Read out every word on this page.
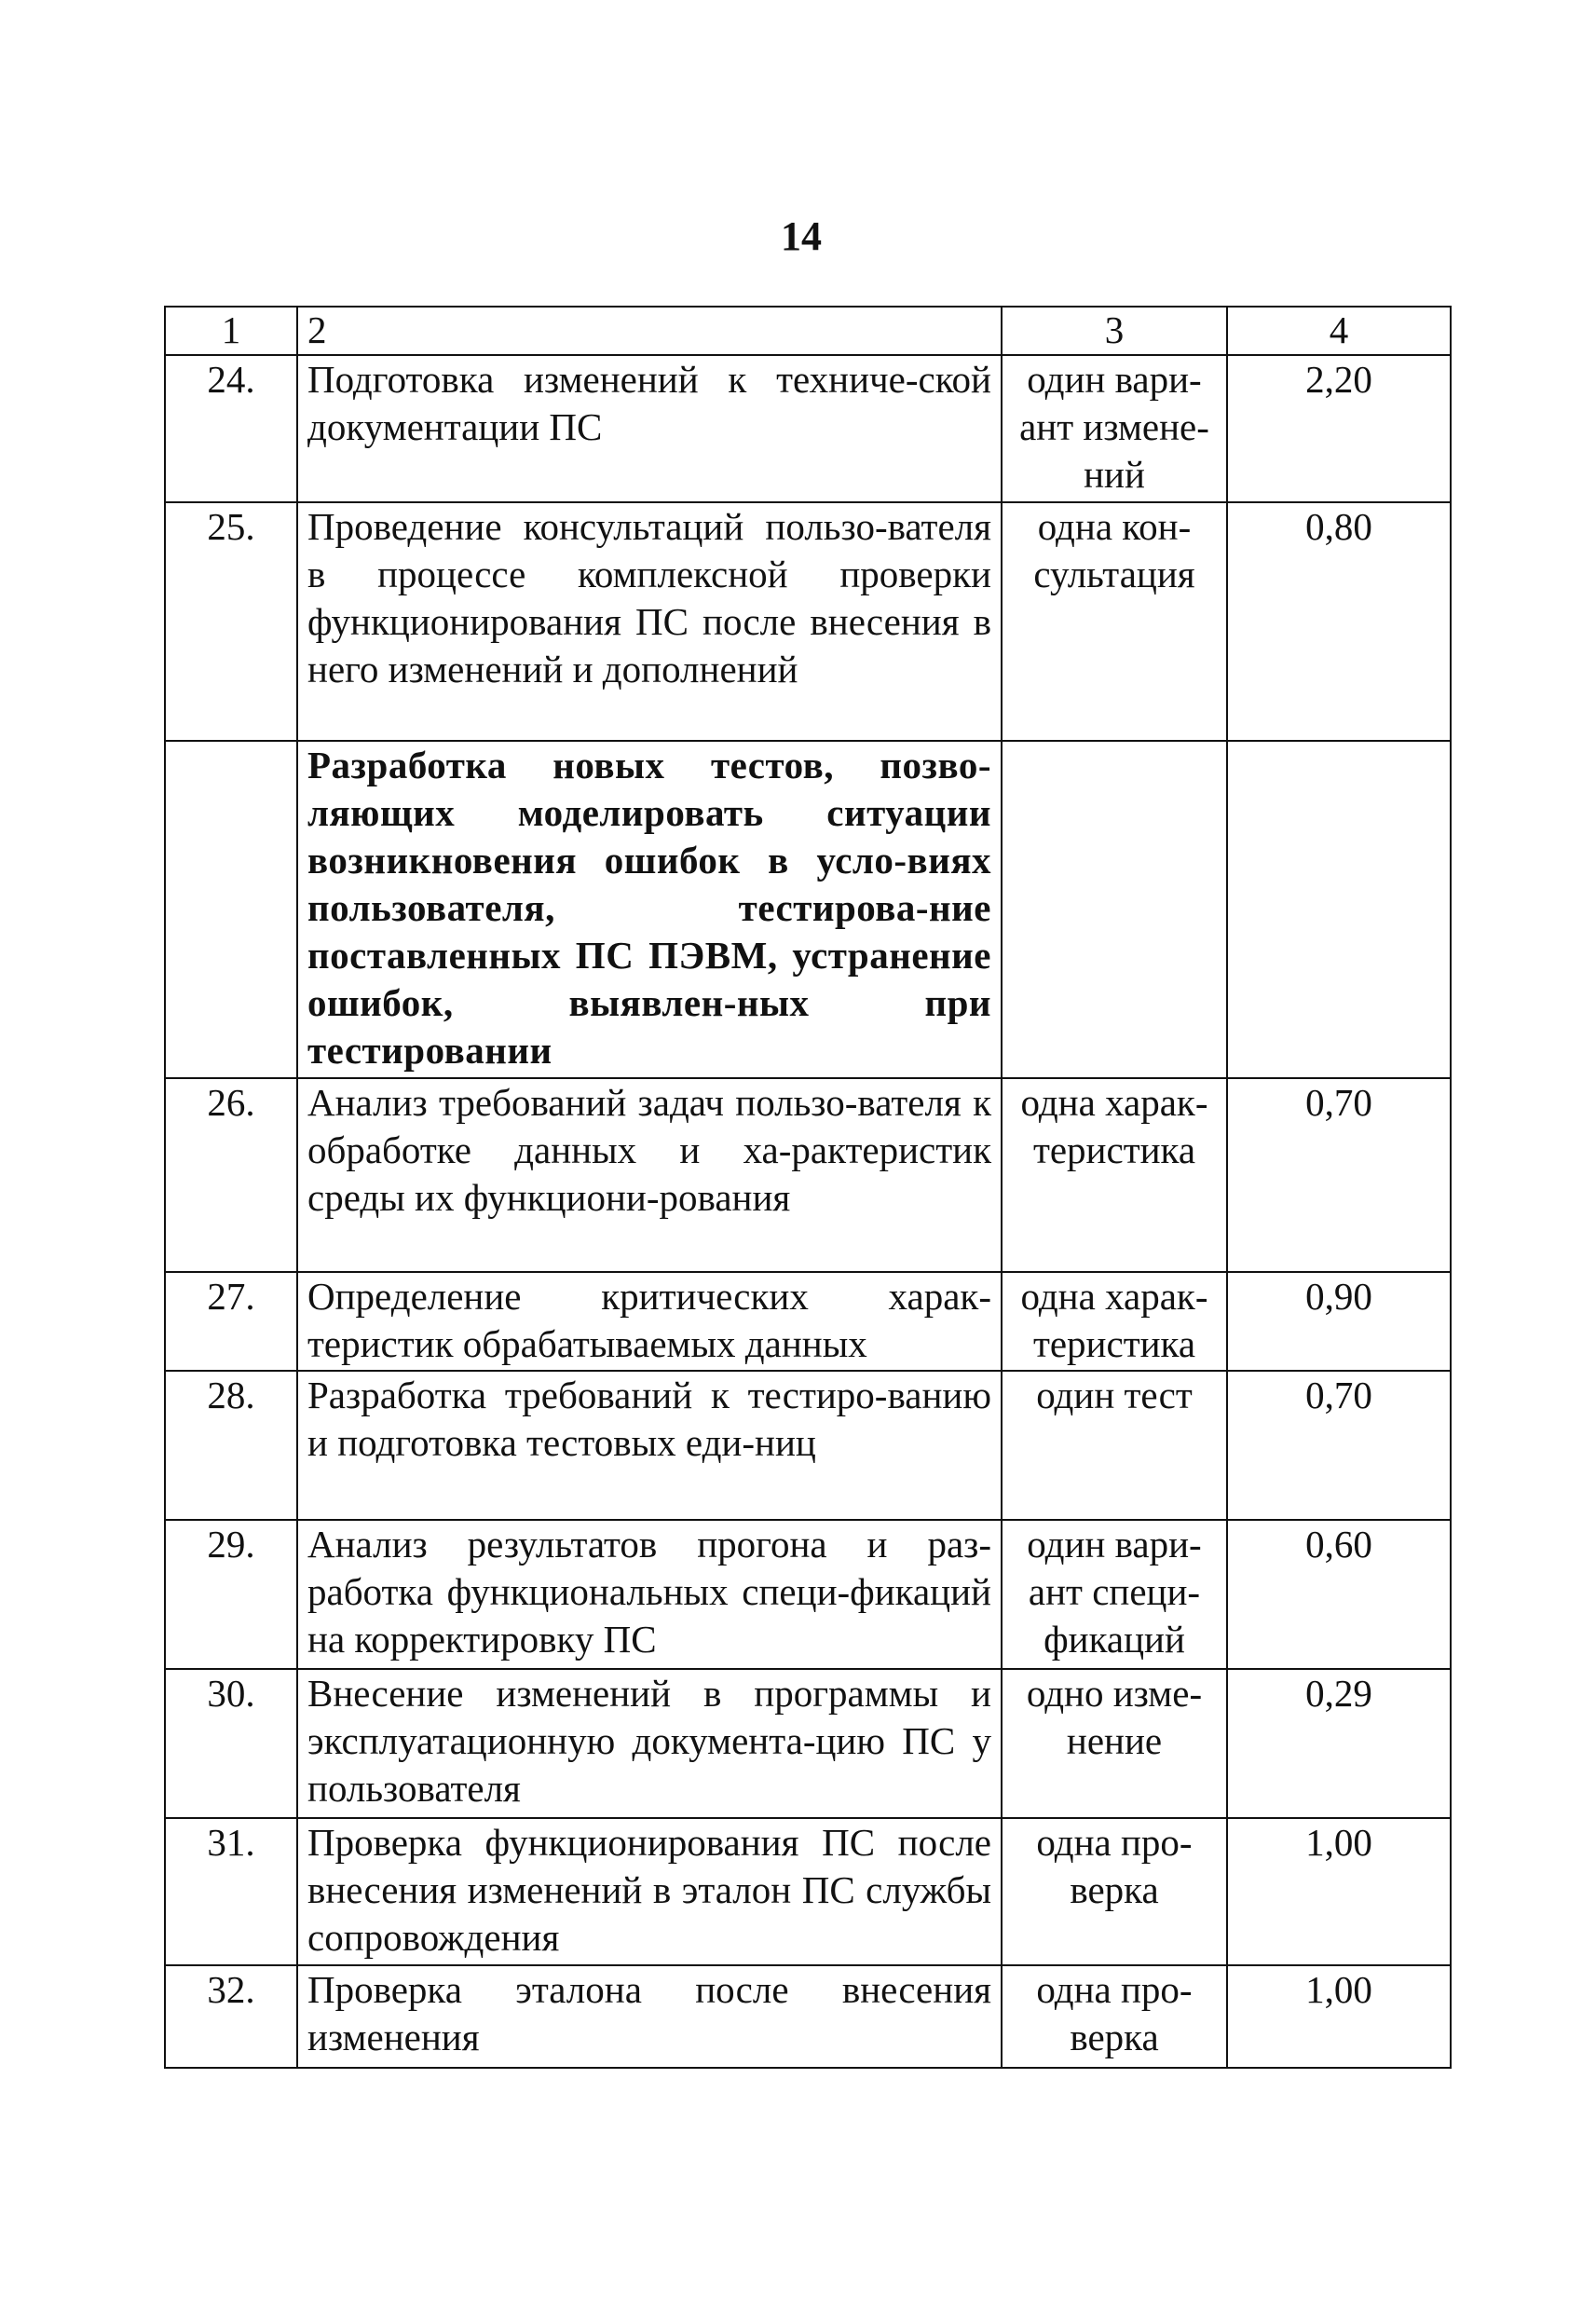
14
1	2	3	4
24.	Подготовка изменений к техниче-ской документации ПС	один вари-ант измене-ний	2,20
25.	Проведение консультаций пользо-вателя в процессе комплексной проверки функционирования ПС после внесения в него изменений и дополнений	одна кон-сультация	0,80
	Разработка новых тестов, позво-ляющих моделировать ситуации возникновения ошибок в усло-виях пользователя, тестирова-ние поставленных ПС ПЭВМ, устранение ошибок, выявлен-ных при тестировании		
26.	Анализ требований задач пользо-вателя к обработке данных и ха-рактеристик среды их функциони-рования	одна харак-теристика	0,70
27.	Определение критических харак-теристик обрабатываемых данных	одна харак-теристика	0,90
28.	Разработка требований к тестиро-ванию и подготовка тестовых еди-ниц	один тест	0,70
29.	Анализ результатов прогона и раз-работка функциональных специ-фикаций на корректировку ПС	один вари-ант специ-фикаций	0,60
30.	Внесение изменений в программы и эксплуатационную документа-цию ПС у пользователя	одно изме-нение	0,29
31.	Проверка функционирования ПС после внесения изменений в эталон ПС службы сопровождения	одна про-верка	1,00
32.	Проверка эталона после внесения изменения	одна про-верка	1,00
